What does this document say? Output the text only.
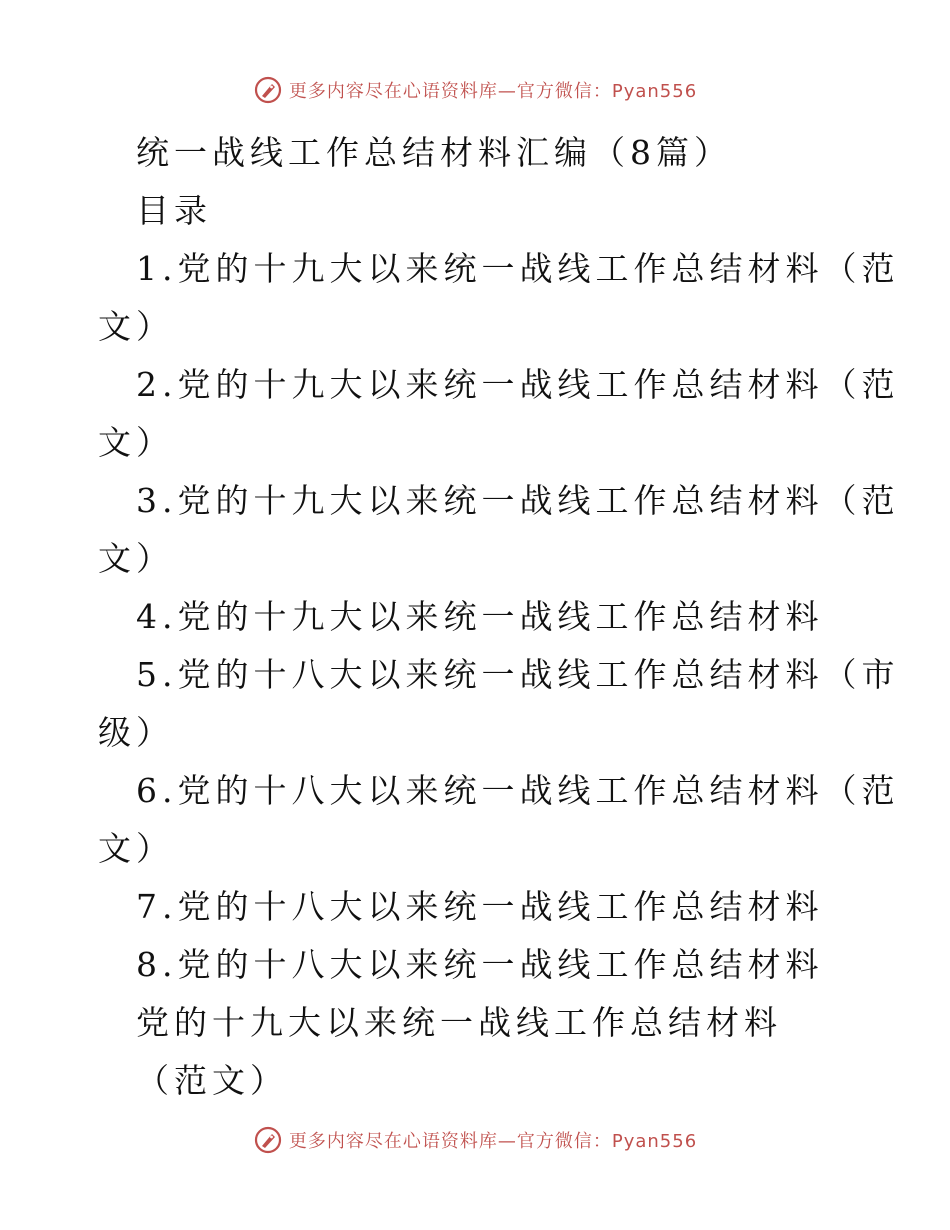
更多内容尽在心语资料库—官方微信：Pyan556
统一战线工作总结材料汇编（8篇）
目录
1.党的十九大以来统一战线工作总结材料（范
文）
2.党的十九大以来统一战线工作总结材料（范
文）
3.党的十九大以来统一战线工作总结材料（范
文）
4.党的十九大以来统一战线工作总结材料
5.党的十八大以来统一战线工作总结材料（市
级）
6.党的十八大以来统一战线工作总结材料（范
文）
7.党的十八大以来统一战线工作总结材料
8.党的十八大以来统一战线工作总结材料
党的十九大以来统一战线工作总结材料
（范文）
更多内容尽在心语资料库—官方微信：Pyan556
